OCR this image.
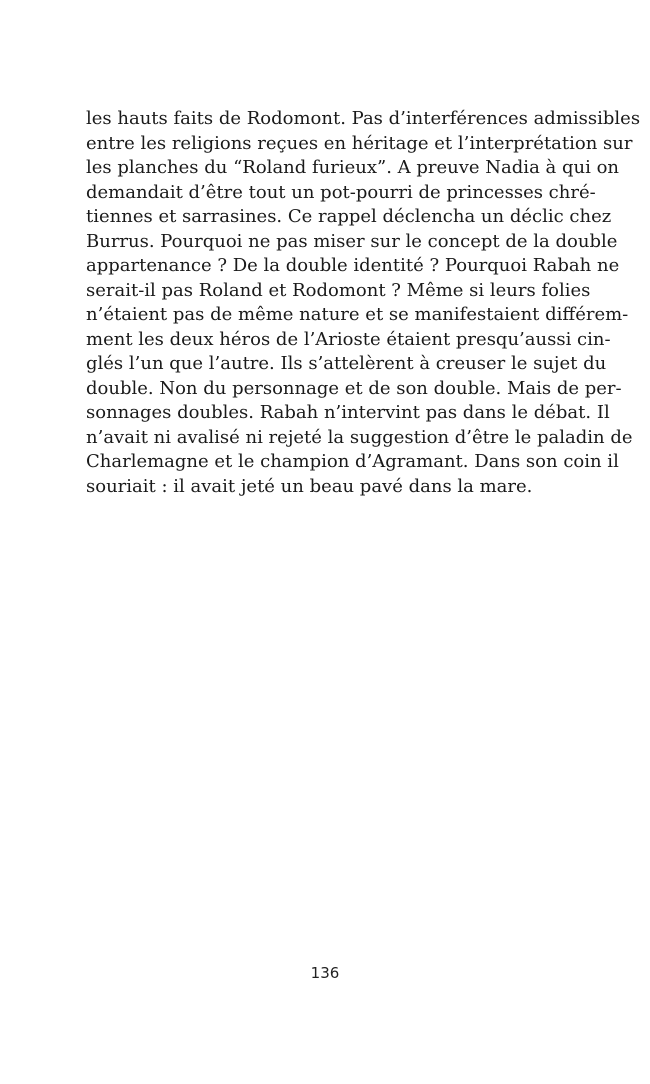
les hauts faits de Rodomont. Pas d’interférences admissibles
entre les religions reçues en héritage et l’interprétation sur
les planches du “Roland furieux”. A preuve Nadia à qui on
demandait d’être tout un pot-pourri de princesses chré-
tiennes et sarrasines. Ce rappel déclencha un déclic chez
Burrus. Pourquoi ne pas miser sur le concept de la double
appartenance ? De la double identité ? Pourquoi Rabah ne
serait-il pas Roland et Rodomont ? Même si leurs folies
n’étaient pas de même nature et se manifestaient différem-
ment les deux héros de l’Arioste étaient presqu’aussi cin-
glés l’un que l’autre. Ils s’attelèrent à creuser le sujet du
double. Non du personnage et de son double. Mais de per-
sonnages doubles. Rabah n’intervint pas dans le débat. Il
n’avait ni avalisé ni rejeté la suggestion d’être le paladin de
Charlemagne et le champion d’Agramant. Dans son coin il
souriait : il avait jeté un beau pavé dans la mare.
136
